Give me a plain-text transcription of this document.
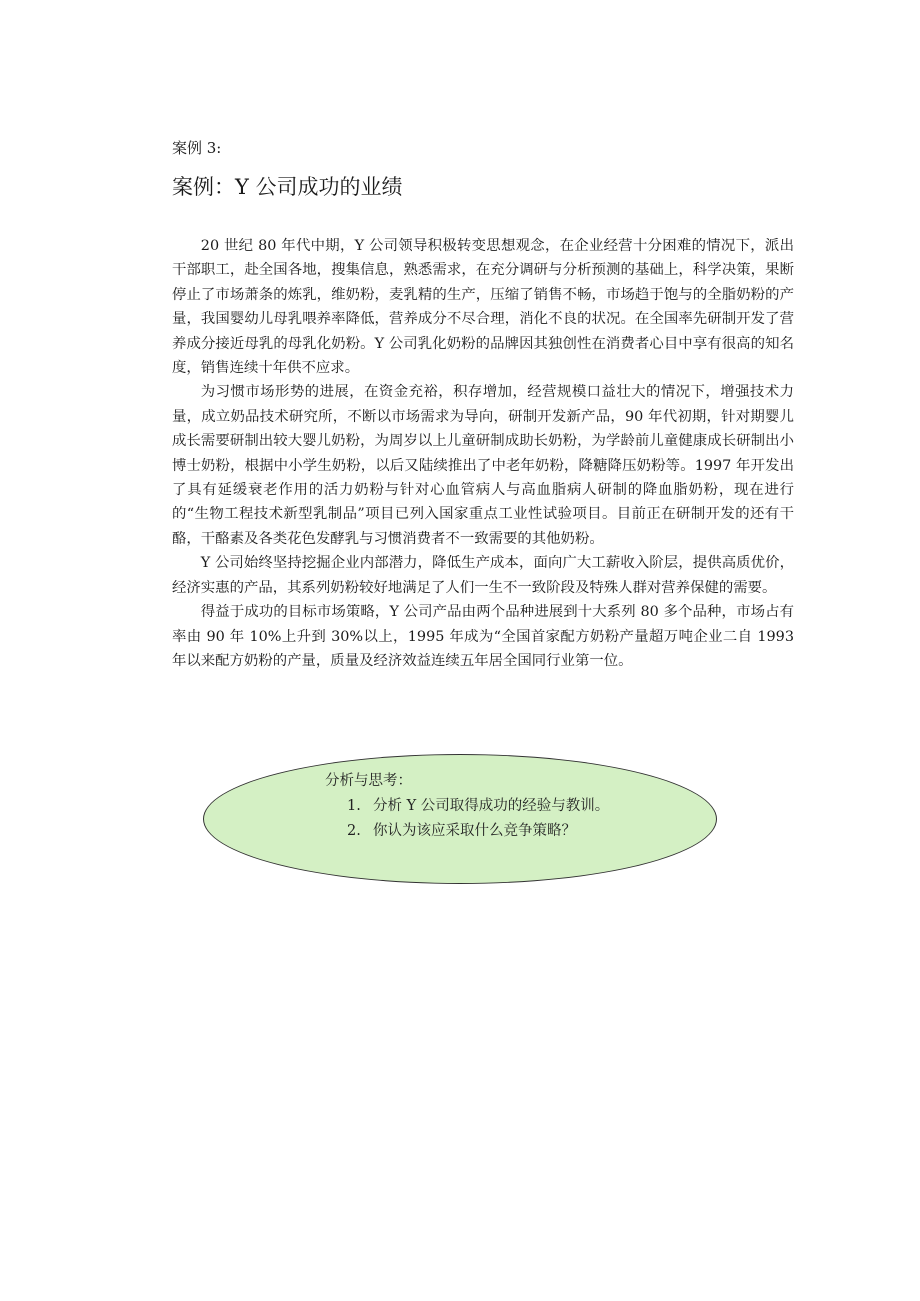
案例 3:
案例：Y 公司成功的业绩

20 世纪 80 年代中期，Y 公司领导积极转变思想观念，在企业经营十分困难的情况下，派出干部职工，赴全国各地，搜集信息，熟悉需求，在充分调研与分析预测的基础上，科学决策，果断停止了市场萧条的炼乳，维奶粉，麦乳精的生产，压缩了销售不畅，市场趋于饱与的全脂奶粉的产量，我国婴幼儿母乳喂养率降低，营养成分不尽合理，消化不良的状况。在全国率先研制开发了营养成分接近母乳的母乳化奶粉。Y 公司乳化奶粉的品牌因其独创性在消费者心目中享有很高的知名度，销售连续十年供不应求。

为习惯市场形势的进展，在资金充裕，积存增加，经营规模口益壮大的情况下，增强技术力量，成立奶品技术研究所，不断以市场需求为导向，研制开发新产品，90 年代初期，针对期婴儿成长需要研制出较大婴儿奶粉，为周岁以上儿童研制成助长奶粉，为学龄前儿童健康成长研制出小博士奶粉，根据中小学生奶粉，以后又陆续推出了中老年奶粉，降糖降压奶粉等。1997 年开发出了具有延缓衰老作用的活力奶粉与针对心血管病人与高血脂病人研制的降血脂奶粉，现在进行的“生物工程技术新型乳制品”项目已列入国家重点工业性试验项目。目前正在研制开发的还有干酪，干酪素及各类花色发酵乳与习惯消费者不一致需要的其他奶粉。

Y 公司始终坚持挖掘企业内部潜力，降低生产成本，面向广大工薪收入阶层，提供高质优价，经济实惠的产品，其系列奶粉较好地满足了人们一生不一致阶段及特殊人群对营养保健的需要。

得益于成功的目标市场策略，Y 公司产品由两个品种进展到十大系列 80 多个品种，市场占有率由 90 年 10%上升到 30%以上，1995 年成为“全国首家配方奶粉产量超万吨企业二自 1993 年以来配方奶粉的产量，质量及经济效益连续五年居全国同行业第一位。

分析与思考：
1. 分析 Y 公司取得成功的经验与教训。
2. 你认为该应采取什么竞争策略？
